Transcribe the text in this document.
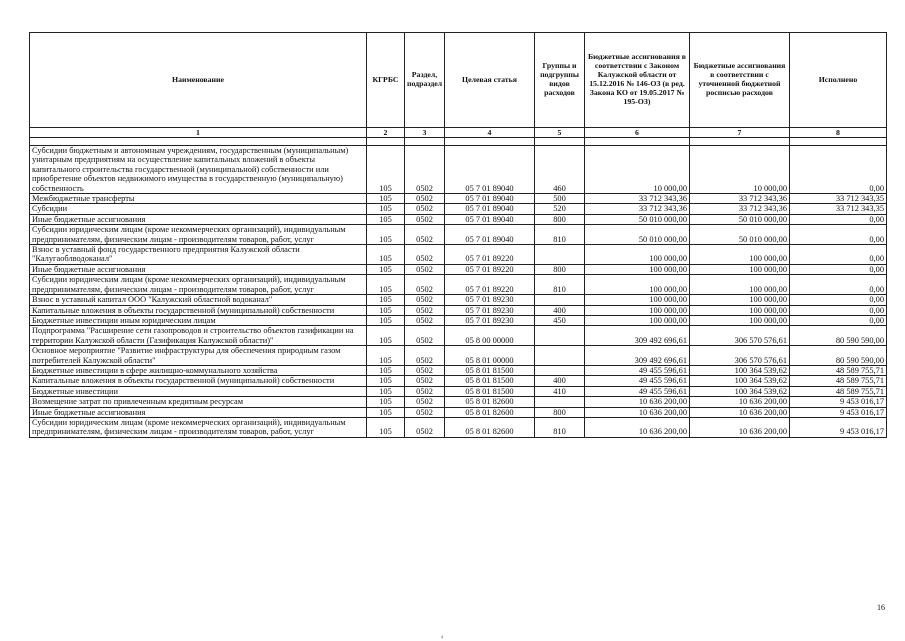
Наименование	КГРБС	Раздел, подраздел	Целевая статья	Группы и подгруппы видов расходов	Бюджетные ассигнования в соответствии с Законом Калужской области от 15.12.2016 № 146-ОЗ (в ред. Закона КО от 19.05.2017 № 195-ОЗ)	Бюджетные ассигнования в соответствии с уточненной бюджетной росписью расходов	Исполнено
1	2	3	4	5	6	7	8

Субсидии бюджетным и автономным учреждениям, государственным (муниципальным) унитарным предприятиям на осуществление капитальных вложений в объекты капитального строительства государственной (муниципальной) собственности или приобретение объектов недвижимого имущества в государственную (муниципальную) собственность	105	0502	05 7 01 89040	460	10 000,00	10 000,00	0,00
Межбюджетные трансферты	105	0502	05 7 01 89040	500	33 712 343,36	33 712 343,36	33 712 343,35
Субсидии	105	0502	05 7 01 89040	520	33 712 343,36	33 712 343,36	33 712 343,35
Иные бюджетные ассигнования	105	0502	05 7 01 89040	800	50 010 000,00	50 010 000,00	0,00
Субсидии юридическим лицам (кроме некоммерческих организаций), индивидуальным предпринимателям, физическим лицам - производителям товаров, работ, услуг	105	0502	05 7 01 89040	810	50 010 000,00	50 010 000,00	0,00
Взнос в уставный фонд государственного предприятия Калужской области "Калугаоблводоканал"	105	0502	05 7 01 89220		100 000,00	100 000,00	0,00
Иные бюджетные ассигнования	105	0502	05 7 01 89220	800	100 000,00	100 000,00	0,00
Субсидии юридическим лицам (кроме некоммерческих организаций), индивидуальным предпринимателям, физическим лицам - производителям товаров, работ, услуг	105	0502	05 7 01 89220	810	100 000,00	100 000,00	0,00
Взнос в уставный капитал ООО "Калужский областной водоканал"	105	0502	05 7 01 89230		100 000,00	100 000,00	0,00
Капитальные вложения в объекты государственной (муниципальной) собственности	105	0502	05 7 01 89230	400	100 000,00	100 000,00	0,00
Бюджетные инвестиции иным юридическим лицам	105	0502	05 7 01 89230	450	100 000,00	100 000,00	0,00
Подпрограмма "Расширение сети газопроводов и строительство объектов газификации на территории Калужской области (Газификация Калужской области)"	105	0502	05 8 00 00000		309 492 696,61	306 570 576,61	80 590 590,00
Основное мероприятие "Развитие инфраструктуры для обеспечения природным газом потребителей Калужской области"	105	0502	05 8 01 00000		309 492 696,61	306 570 576,61	80 590 590,00
Бюджетные инвестиции в сфере жилищно-коммунального хозяйства	105	0502	05 8 01 81500		49 455 596,61	100 364 539,62	48 589 755,71
Капитальные вложения в объекты государственной (муниципальной) собственности	105	0502	05 8 01 81500	400	49 455 596,61	100 364 539,62	48 589 755,71
Бюджетные инвестиции	105	0502	05 8 01 81500	410	49 455 596,61	100 364 539,62	48 589 755,71
Возмещение затрат по привлеченным кредитным ресурсам	105	0502	05 8 01 82600		10 636 200,00	10 636 200,00	9 453 016,17
Иные бюджетные ассигнования	105	0502	05 8 01 82600	800	10 636 200,00	10 636 200,00	9 453 016,17
Субсидии юридическим лицам (кроме некоммерческих организаций), индивидуальным предпринимателям, физическим лицам - производителям товаров, работ, услуг	105	0502	05 8 01 82600	810	10 636 200,00	10 636 200,00	9 453 016,17
16
‹
